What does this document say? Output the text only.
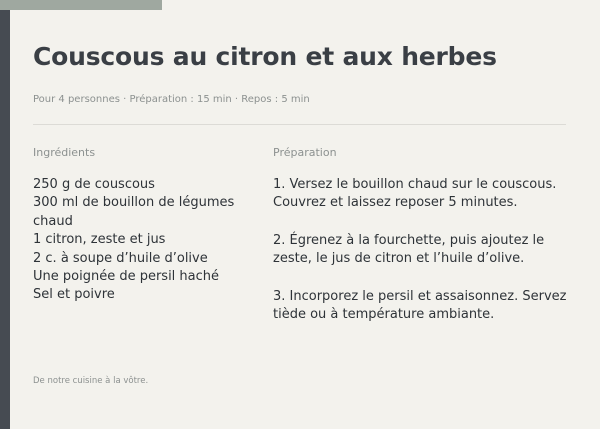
Couscous au citron et aux herbes
Pour 4 personnes · Préparation : 15 min · Repos : 5 min
Ingrédients	Préparation
250 g de couscous
300 ml de bouillon de légumes chaud
1 citron, zeste et jus
2 c. à soupe d’huile d’olive
Une poignée de persil haché
Sel et poivre
1. Versez le bouillon chaud sur le couscous. Couvrez et laissez reposer 5 minutes.
2. Égrenez à la fourchette, puis ajoutez le zeste, le jus de citron et l’huile d’olive.
3. Incorporez le persil et assaisonnez. Servez tiède ou à température ambiante.
De notre cuisine à la vôtre.
